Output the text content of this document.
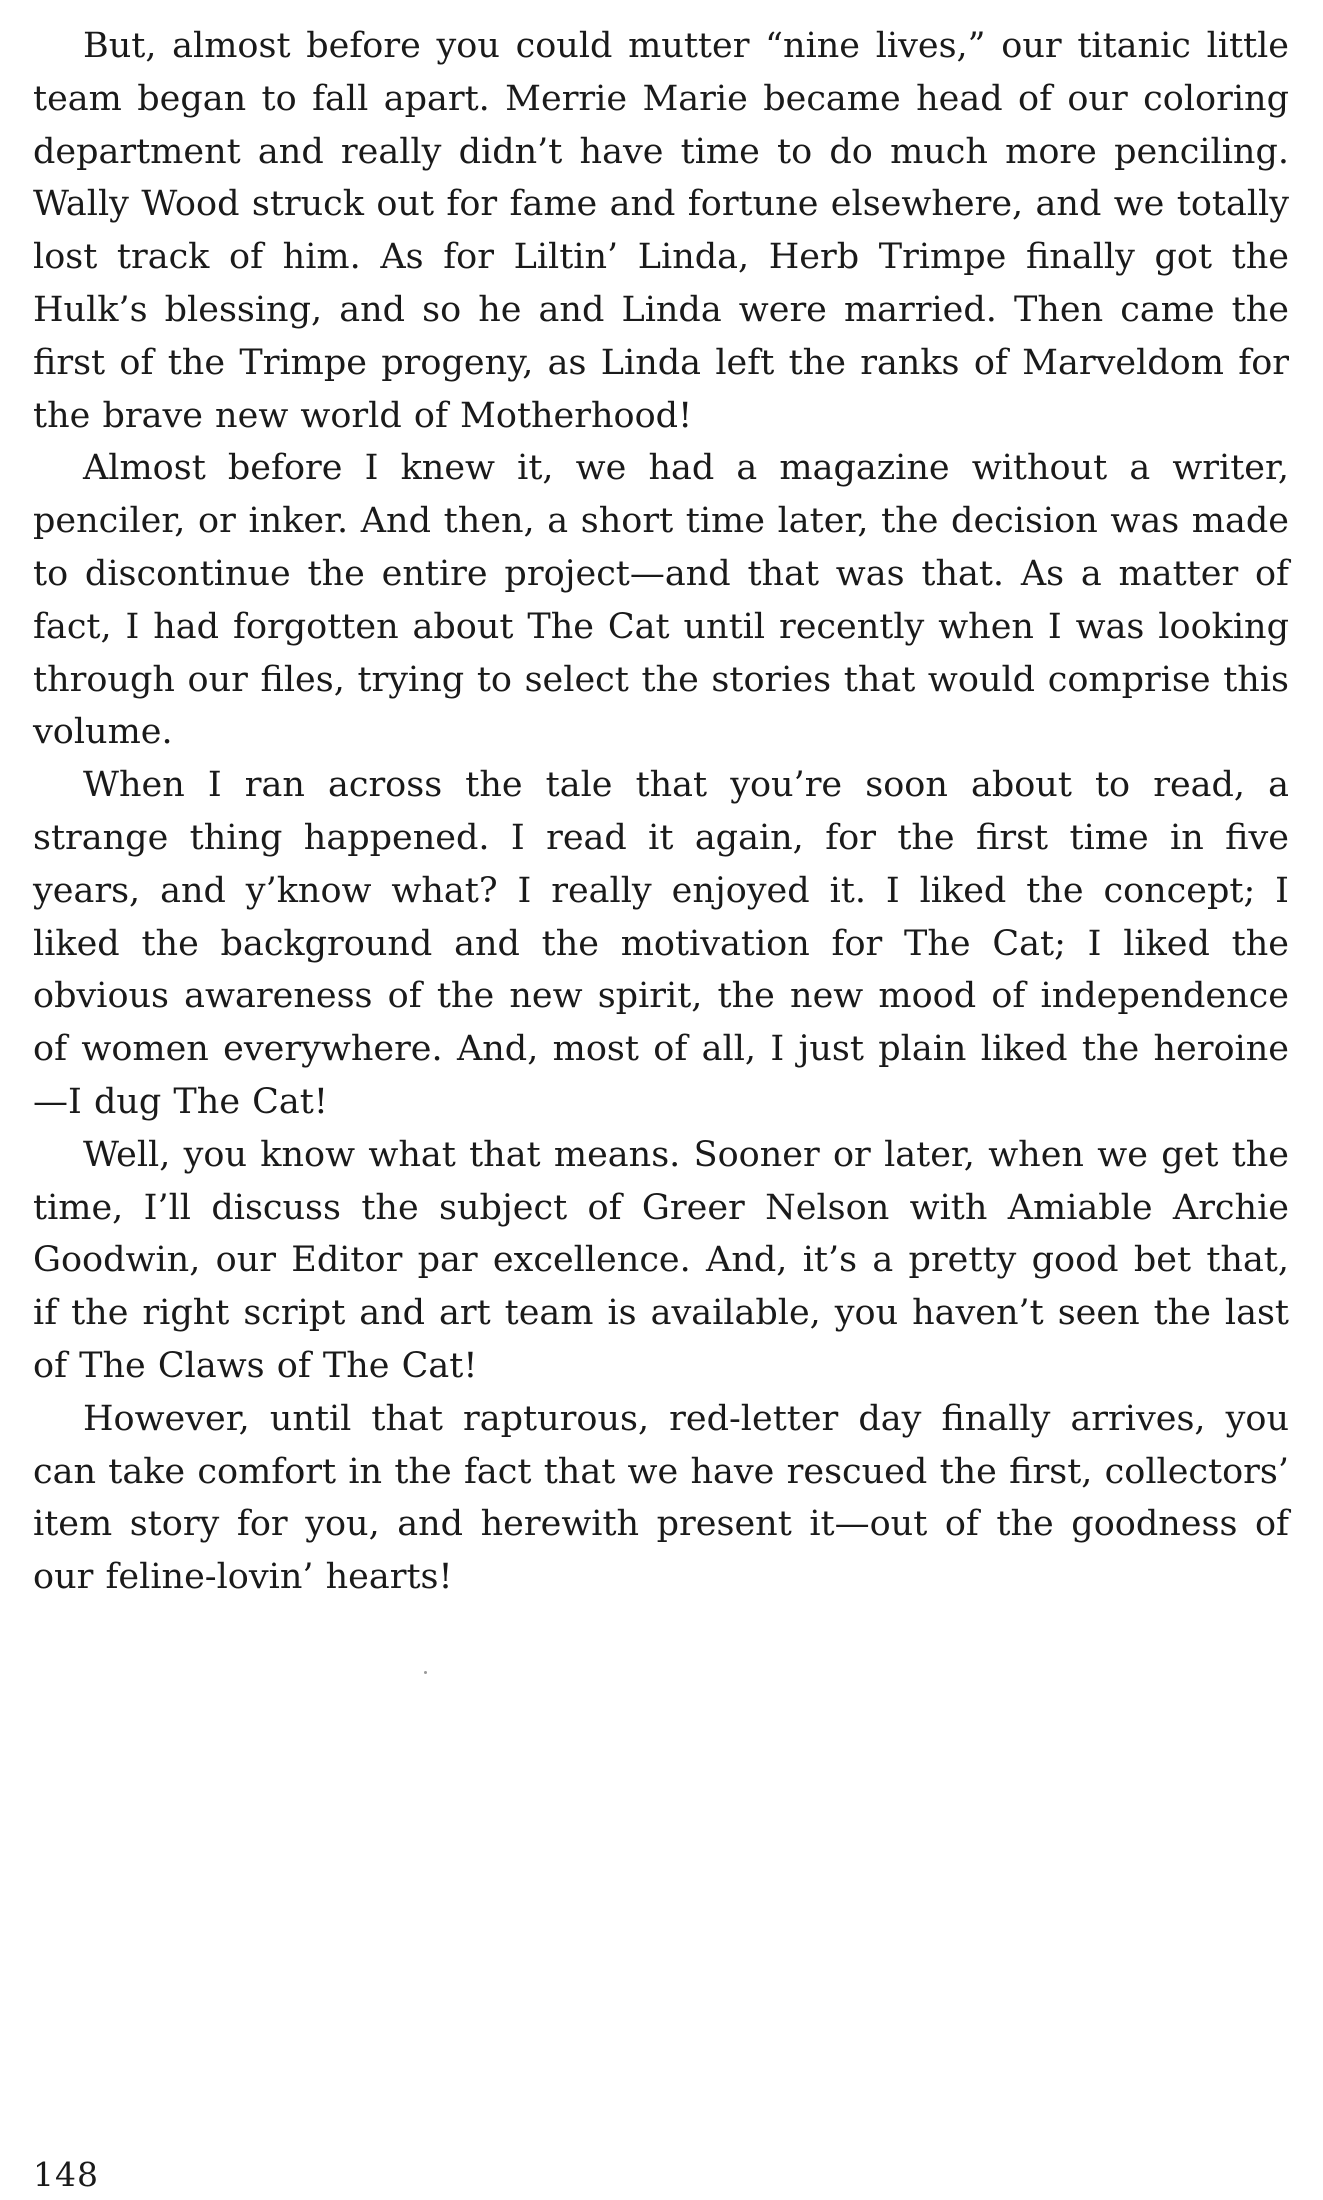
But, almost before you could mutter “nine lives,” our titanic little team began to fall apart. Merrie Marie became head of our coloring department and really didn’t have time to do much more penciling. Wally Wood struck out for fame and fortune elsewhere, and we totally lost track of him. As for Liltin’ Linda, Herb Trimpe finally got the Hulk’s blessing, and so he and Linda were married. Then came the first of the Trimpe progeny, as Linda left the ranks of Marveldom for the brave new world of Motherhood!

Almost before I knew it, we had a magazine without a writer, penciler, or inker. And then, a short time later, the decision was made to discontinue the entire project—and that was that. As a matter of fact, I had forgotten about The Cat until recently when I was looking through our files, trying to select the stories that would comprise this volume.

When I ran across the tale that you’re soon about to read, a strange thing happened. I read it again, for the first time in five years, and y’know what? I really enjoyed it. I liked the concept; I liked the background and the motivation for The Cat; I liked the obvious awareness of the new spirit, the new mood of independence of women everywhere. And, most of all, I just plain liked the heroine—I dug The Cat!

Well, you know what that means. Sooner or later, when we get the time, I’ll discuss the subject of Greer Nelson with Amiable Archie Goodwin, our Editor par excellence. And, it’s a pretty good bet that, if the right script and art team is available, you haven’t seen the last of The Claws of The Cat!

However, until that rapturous, red-letter day finally arrives, you can take comfort in the fact that we have rescued the first, collectors’ item story for you, and herewith present it—out of the goodness of our feline-lovin’ hearts!

148
